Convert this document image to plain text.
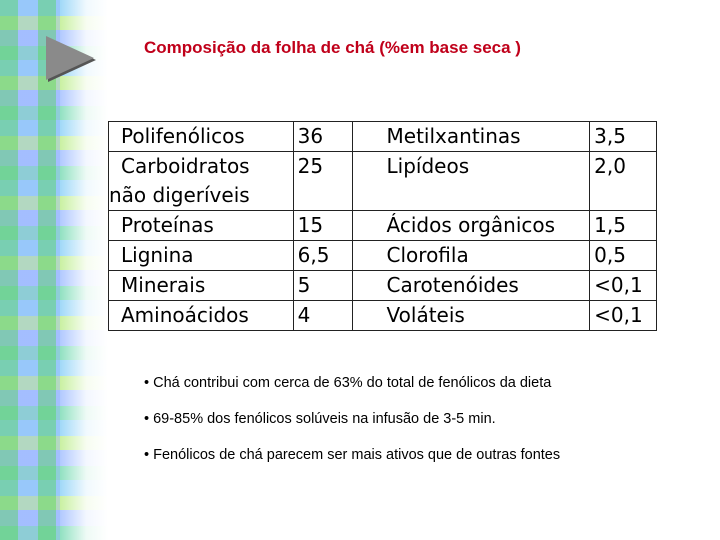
Composição da folha de chá (%em base seca )
Polifenólicos	36	Metilxantinas	3,5
Carboidratos não digeríveis	25	Lipídeos	2,0
Proteínas	15	Ácidos orgânicos	1,5
Lignina	6,5	Clorofila	0,5
Minerais	5	Carotenóides	<0,1
Aminoácidos	4	Voláteis	<0,1
• Chá contribui com cerca de 63% do total de fenólicos da dieta
• 69-85% dos fenólicos solúveis na infusão de 3-5 min.
• Fenólicos de chá parecem ser mais ativos que de outras fontes
